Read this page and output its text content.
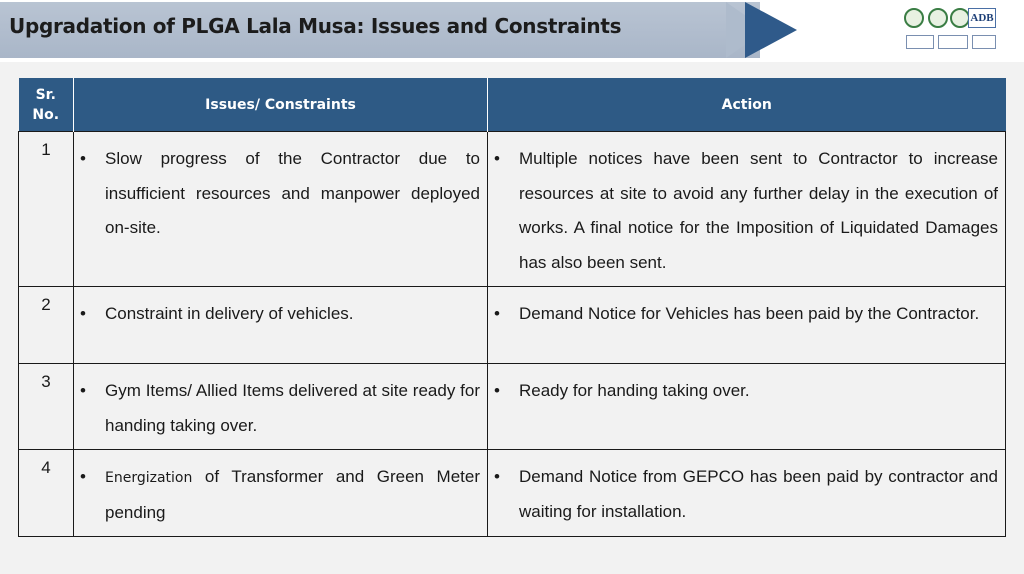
Upgradation of PLGA Lala Musa: Issues and Constraints	ADB
Sr.
No.	Issues/ Constraints	Action
1	• Slow progress of the Contractor due to insufficient resources and manpower deployed on-site.	• Multiple notices have been sent to Contractor to increase resources at site to avoid any further delay in the execution of works. A final notice for the Imposition of Liquidated Damages has also been sent.

2	• Constraint in delivery of vehicles.	• Demand Notice for Vehicles has been paid by the Contractor.

3	• Gym Items/ Allied Items delivered at site ready for handing taking over.	• Ready for handing taking over.

4	• Energization of Transformer and Green Meter pending	• Demand Notice from GEPCO has been paid by contractor and waiting for installation.
